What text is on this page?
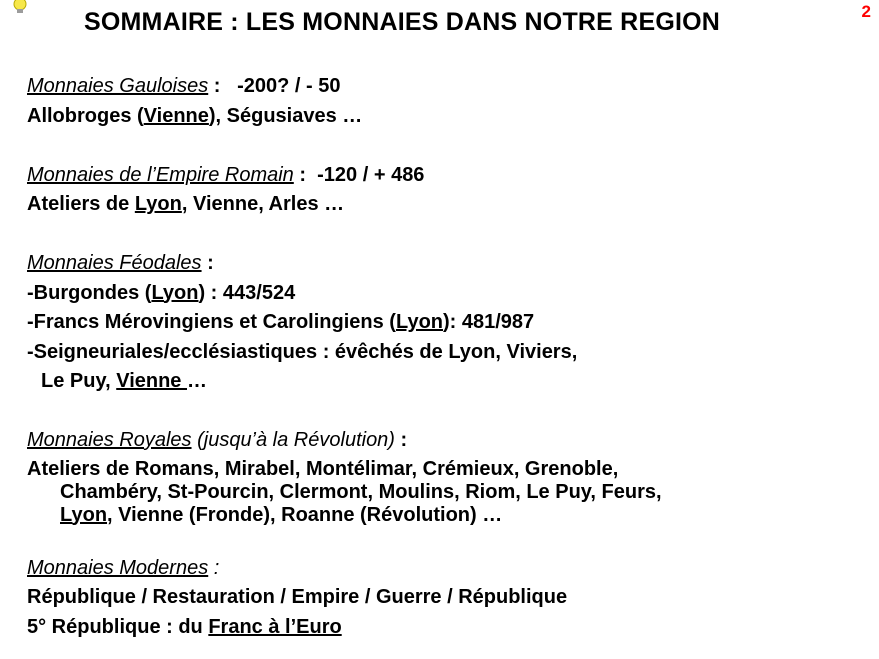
2
SOMMAIRE : LES MONNAIES DANS NOTRE REGION
Monnaies Gauloises :   -200? / - 50
Allobroges (Vienne), Ségusiaves …
Monnaies de l’Empire Romain :  -120 / + 486
Ateliers de Lyon, Vienne, Arles …
Monnaies Féodales :
-Burgondes (Lyon) : 443/524
-Francs Mérovingiens et Carolingiens (Lyon): 481/987
-Seigneuriales/ecclésiastiques : évêchés de Lyon, Viviers,
Le Puy, Vienne …
Monnaies Royales (jusqu’à la Révolution) :
Ateliers de Romans, Mirabel, Montélimar, Crémieux, Grenoble,
Chambéry, St-Pourcin, Clermont, Moulins, Riom, Le Puy, Feurs,
Lyon, Vienne (Fronde), Roanne (Révolution) …
Monnaies Modernes :
République / Restauration / Empire / Guerre / République
5° République : du Franc à l’Euro
